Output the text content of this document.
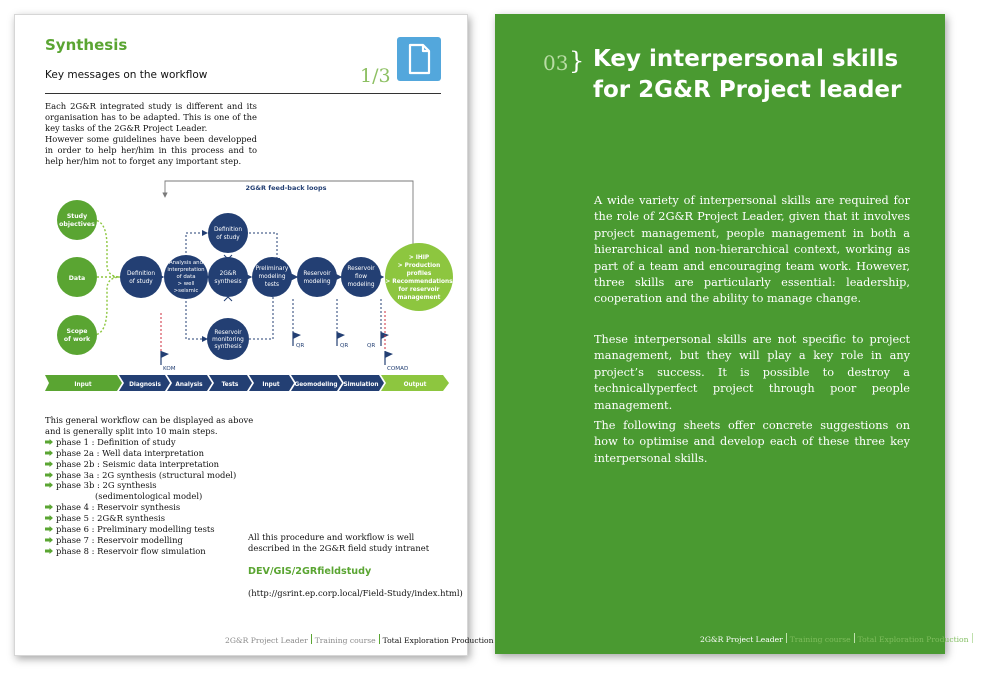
Synthesis
Key messages on the workflow	1/3

Each 2G&R integrated study is different and its organisation has to be adapted. This is one of the key tasks of the 2G&R Project Leader.

However some guidelines have been developped in order to help her/him in this process and to help her/him not to forget any important step.

2G&R feed-back loops
Study
objectives
Data
Scope
of work
Definition
of study
Reservoir
monitoring
synthesis
Definition
of study
Analysis and
interpretation
of data
> well
>seismic
2G&R
synthesis
Preliminary
modeling
tests
Reservoir
modeling
Reservoir
flow
modeling
> IHIP
> Production
profiles
> Recommendations
for reservoir
management
KOM
QR	QR	QR
COMAD
Input	Diagnosis Analysis	Tests	Input	Geomodeling Simulation	Output

This general workflow can be displayed as above and is generally split into 10 main steps.

phase 1 : Definition of study
phase 2a : Well data interpretation
phase 2b : Seismic data interpretation
phase 3a : 2G synthesis (structural model)
phase 3b : 2G synthesis
(sedimentological model)
phase 4 : Reservoir synthesis
phase 5 : 2G&R synthesis
phase 6 : Preliminary modelling tests
phase 7 : Reservoir modelling
phase 8 : Reservoir flow simulation

All this procedure and workflow is well described in the 2G&R field study intranet

DEV/GIS/2GRfieldstudy
(http://gsrint.ep.corp.local/Field-Study/index.html)
2G&R Project Leader Training course Total Exploration Production
03 } Key interpersonal skills
for 2G&R Project leader

A wide variety of interpersonal skills are required for the role of 2G&R Project Leader, given that it involves project management, people management in both a hierarchical and non-hierarchical context, working as part of a team and encouraging team work. However, three skills are particularly essential: leadership, cooperation and the ability to manage change.

These interpersonal skills are not specific to project management, but they will play a key role in any project’s success. It is possible to destroy a technicallyperfect project through poor people management.

The following sheets offer concrete suggestions on how to optimise and develop each of these three key interpersonal skills.

2G&R Project Leader Training course Total Exploration Production 29
